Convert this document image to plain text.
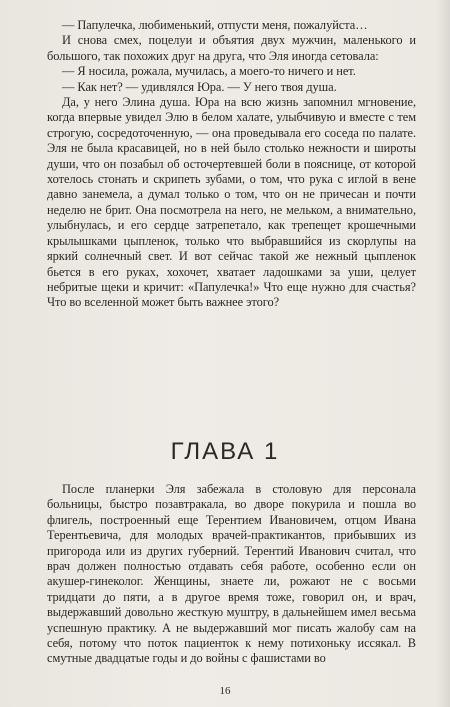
— Папулечка, любименький, отпусти меня, пожалуйста…

И снова смех, поцелуи и объятия двух мужчин, маленького и большого, так похожих друг на друга, что Эля иногда сетовала:

— Я носила, рожала, мучилась, а моего-то ничего и нет.

— Как нет? — удивлялся Юра. — У него твоя душа.

Да, у него Элина душа. Юра на всю жизнь запомнил мгновение, когда впервые увидел Элю в белом халате, улыбчивую и вместе с тем строгую, сосредоточенную, — она проведывала его соседа по палате. Эля не была красавицей, но в ней было столько нежности и широты души, что он позабыл об осточертевшей боли в пояснице, от которой хотелось стонать и скрипеть зубами, о том, что рука с иглой в вене давно занемела, а думал только о том, что он не причесан и почти неделю не брит. Она посмотрела на него, не мельком, а внимательно, улыбнулась, и его сердце затрепетало, как трепещет крошечными крылышками цыпленок, только что выбравшийся из скорлупы на яркий солнечный свет. И вот сейчас такой же нежный цыпленок бьется в его руках, хохочет, хватает ладошками за уши, целует небритые щеки и кричит: «Папулечка!» Что еще нужно для счастья? Что во вселенной может быть важнее этого?

ГЛАВА 1

После планерки Эля забежала в столовую для персонала больницы, быстро позавтракала, во дворе покурила и пошла во флигель, построенный еще Терентием Ивановичем, отцом Ивана Терентьевича, для молодых врачей-практикантов, прибывших из пригорода или из других губерний. Терентий Иванович считал, что врач должен полностью отдавать себя работе, особенно если он акушер-гинеколог. Женщины, знаете ли, рожают не с восьми тридцати до пяти, а в другое время тоже, говорил он, и врач, выдержавший довольно жесткую муштру, в дальнейшем имел весьма успешную практику. А не выдержавший мог писать жалобу сам на себя, потому что поток пациенток к нему потихоньку иссякал. В смутные двадцатые годы и до войны с фашистами во

16
